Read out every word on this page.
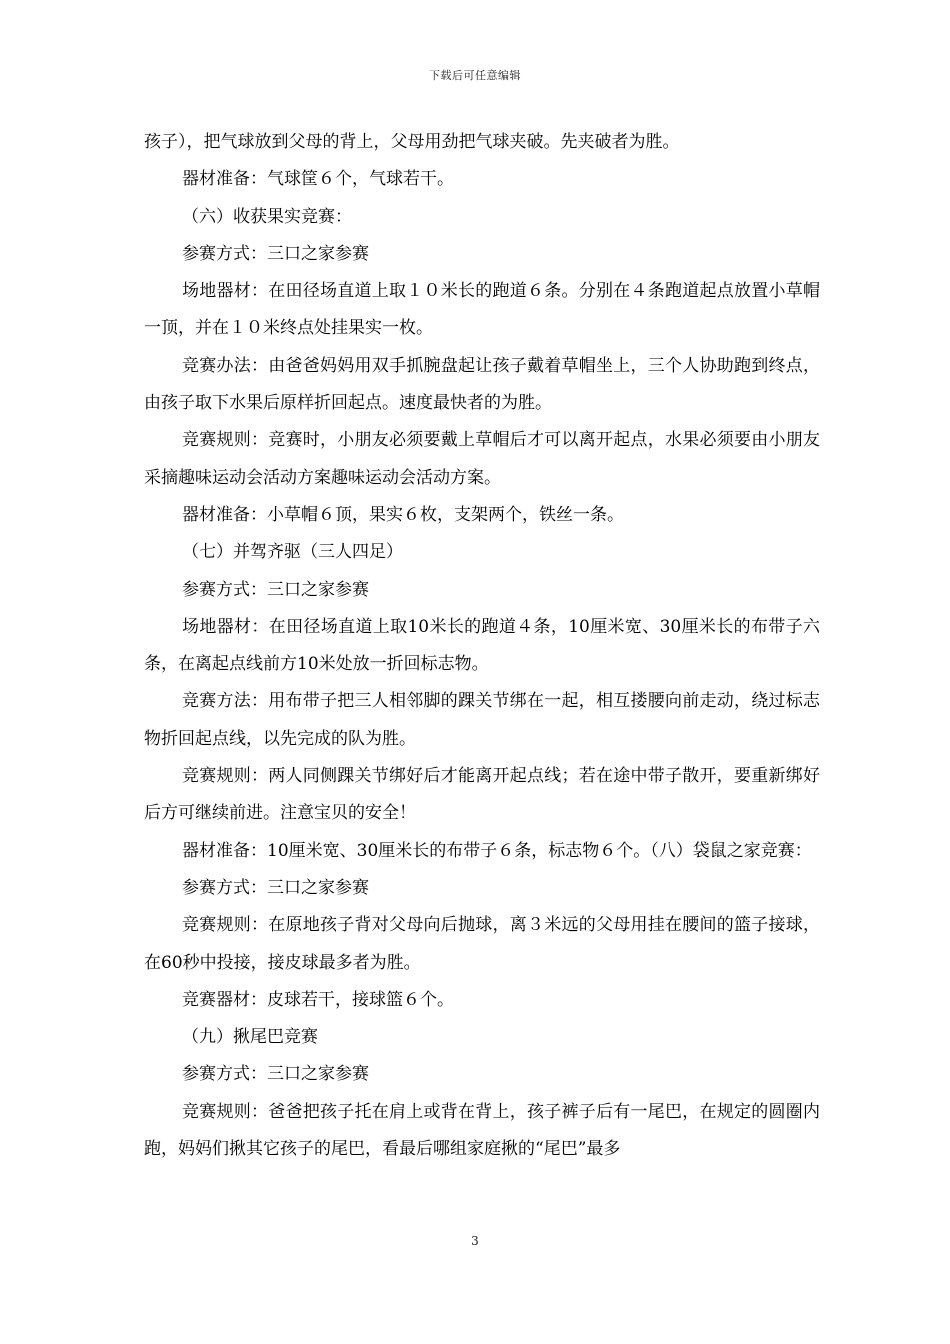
下载后可任意编辑

孩子），把气球放到父母的背上，父母用劲把气球夹破。先夹破者为胜。

器材准备：气球筐６个，气球若干。

（六）收获果实竞赛：

参赛方式：三口之家参赛

场地器材：在田径场直道上取１０米长的跑道６条。分别在４条跑道起点放置小草帽一顶，并在１０米终点处挂果实一枚。

竞赛办法：由爸爸妈妈用双手抓腕盘起让孩子戴着草帽坐上，三个人协助跑到终点，由孩子取下水果后原样折回起点。速度最快者的为胜。

竞赛规则：竞赛时，小朋友必须要戴上草帽后才可以离开起点，水果必须要由小朋友采摘趣味运动会活动方案趣味运动会活动方案。

器材准备：小草帽６顶，果实６枚，支架两个，铁丝一条。

（七）并驾齐驱（三人四足）

参赛方式：三口之家参赛

场地器材：在田径场直道上取10米长的跑道４条，10厘米宽、30厘米长的布带子六条，在离起点线前方10米处放一折回标志物。

竞赛方法：用布带子把三人相邻脚的踝关节绑在一起，相互搂腰向前走动，绕过标志物折回起点线，以先完成的队为胜。

竞赛规则：两人同侧踝关节绑好后才能离开起点线；若在途中带子散开，要重新绑好后方可继续前进。注意宝贝的安全！

器材准备：10厘米宽、30厘米长的布带子６条，标志物６个。（八）袋鼠之家竞赛：

参赛方式：三口之家参赛

竞赛规则：在原地孩子背对父母向后抛球，离３米远的父母用挂在腰间的篮子接球，在60秒中投接，接皮球最多者为胜。

竞赛器材：皮球若干，接球篮６个。

（九）揪尾巴竞赛

参赛方式：三口之家参赛

竞赛规则：爸爸把孩子托在肩上或背在背上，孩子裤子后有一尾巴，在规定的圆圈内跑，妈妈们揪其它孩子的尾巴，看最后哪组家庭揪的“尾巴”最多

3
